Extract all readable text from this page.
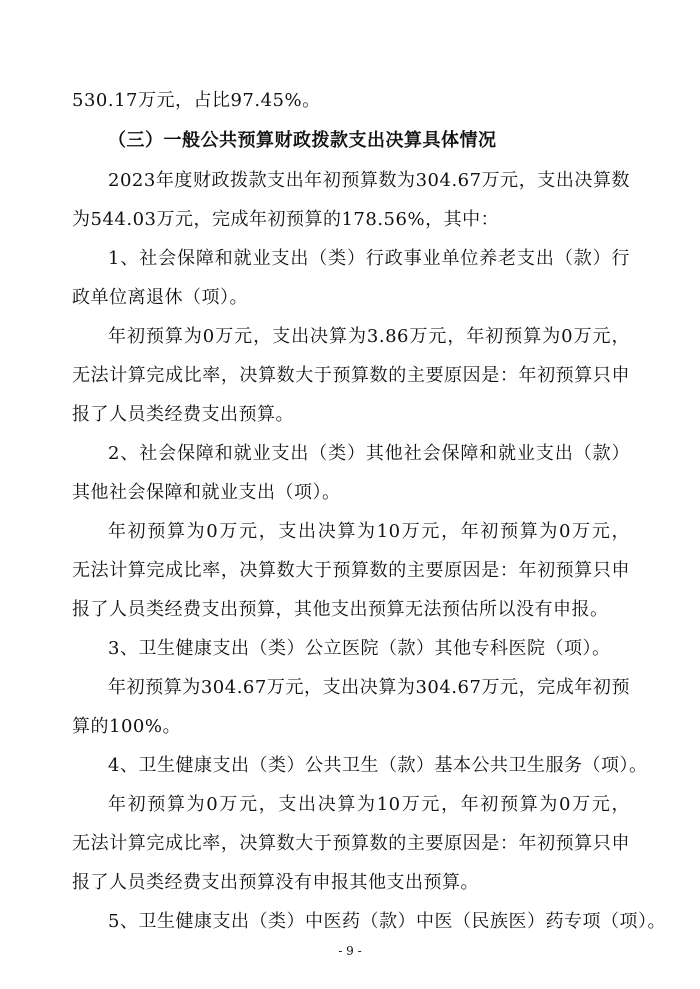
530.17万元，占比97.45%。
（三）一般公共预算财政拨款支出决算具体情况
2023年度财政拨款支出年初预算数为304.67万元，支出决算数
为544.03万元，完成年初预算的178.56%，其中：
1、社会保障和就业支出（类）行政事业单位养老支出（款）行
政单位离退休（项）。
年初预算为0万元，支出决算为3.86万元，年初预算为0万元，
无法计算完成比率，决算数大于预算数的主要原因是：年初预算只申
报了人员类经费支出预算。
2、社会保障和就业支出（类）其他社会保障和就业支出（款）
其他社会保障和就业支出（项）。
年初预算为0万元，支出决算为10万元，年初预算为0万元，
无法计算完成比率，决算数大于预算数的主要原因是：年初预算只申
报了人员类经费支出预算，其他支出预算无法预估所以没有申报。
3、卫生健康支出（类）公立医院（款）其他专科医院（项）。
年初预算为304.67万元，支出决算为304.67万元，完成年初预
算的100%。
4、卫生健康支出（类）公共卫生（款）基本公共卫生服务（项）。
年初预算为0万元，支出决算为10万元，年初预算为0万元，
无法计算完成比率，决算数大于预算数的主要原因是：年初预算只申
报了人员类经费支出预算没有申报其他支出预算。
5、卫生健康支出（类）中医药（款）中医（民族医）药专项（项）。
- 9 -
